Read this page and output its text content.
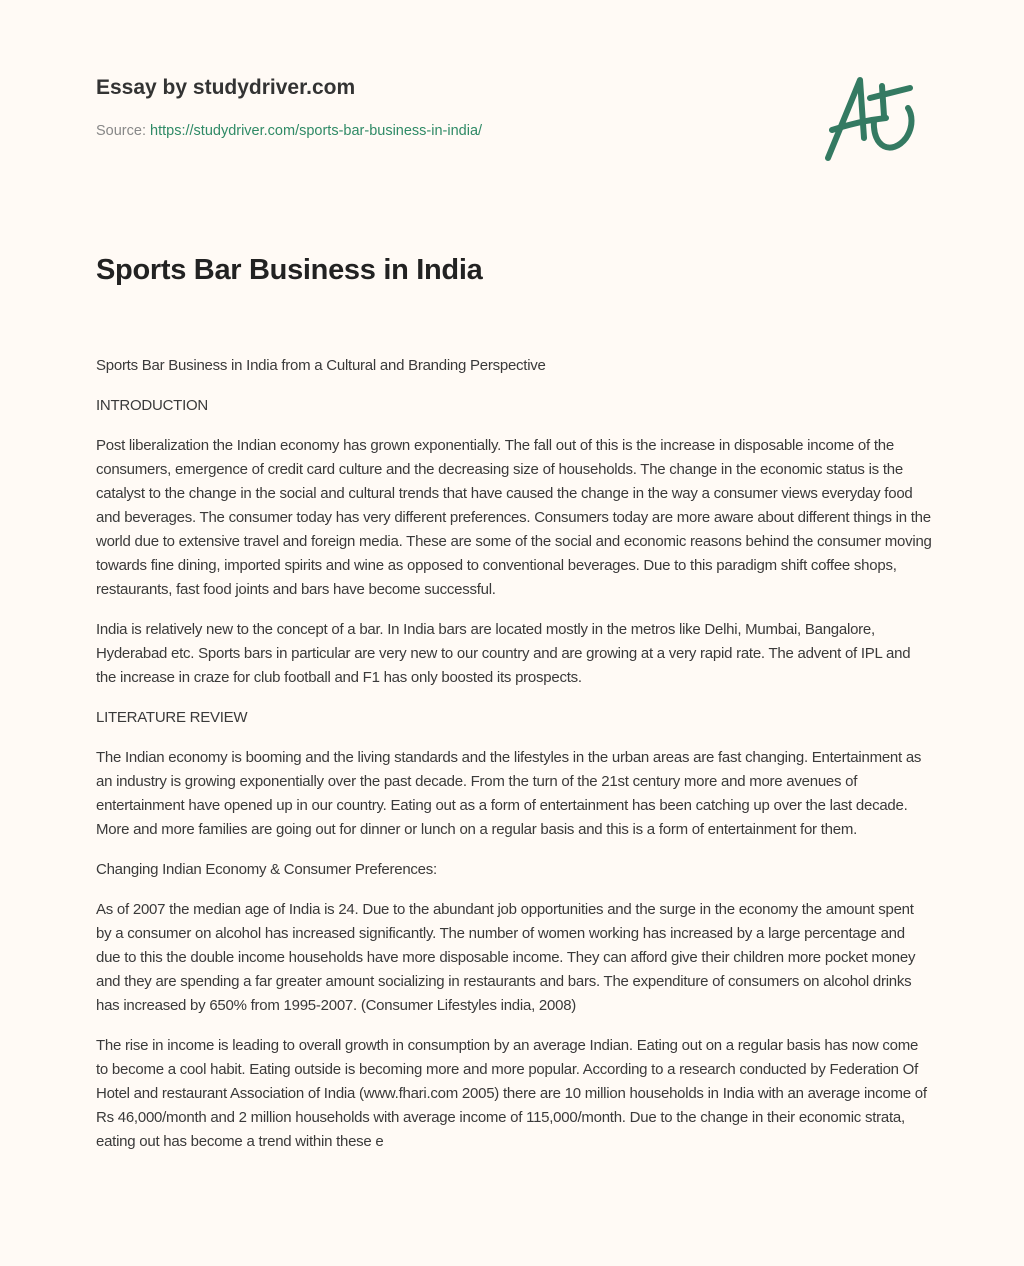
Essay by studydriver.com
Source: https://studydriver.com/sports-bar-business-in-india/
Sports Bar Business in India

Sports Bar Business in India from a Cultural and Branding Perspective

INTRODUCTION

Post liberalization the Indian economy has grown exponentially. The fall out of this is the increase in disposable income of the consumers, emergence of credit card culture and the decreasing size of households. The change in the economic status is the catalyst to the change in the social and cultural trends that have caused the change in the way a consumer views everyday food and beverages. The consumer today has very different preferences. Consumers today are more aware about different things in the world due to extensive travel and foreign media. These are some of the social and economic reasons behind the consumer moving towards fine dining, imported spirits and wine as opposed to conventional beverages. Due to this paradigm shift coffee shops, restaurants, fast food joints and bars have become successful.

India is relatively new to the concept of a bar. In India bars are located mostly in the metros like Delhi, Mumbai, Bangalore, Hyderabad etc. Sports bars in particular are very new to our country and are growing at a very rapid rate. The advent of IPL and the increase in craze for club football and F1 has only boosted its prospects.

LITERATURE REVIEW

The Indian economy is booming and the living standards and the lifestyles in the urban areas are fast changing. Entertainment as an industry is growing exponentially over the past decade. From the turn of the 21st century more and more avenues of entertainment have opened up in our country. Eating out as a form of entertainment has been catching up over the last decade. More and more families are going out for dinner or lunch on a regular basis and this is a form of entertainment for them.

Changing Indian Economy & Consumer Preferences:

As of 2007 the median age of India is 24. Due to the abundant job opportunities and the surge in the economy the amount spent by a consumer on alcohol has increased significantly. The number of women working has increased by a large percentage and due to this the double income households have more disposable income. They can afford give their children more pocket money and they are spending a far greater amount socializing in restaurants and bars. The expenditure of consumers on alcohol drinks has increased by 650% from 1995-2007. (Consumer Lifestyles india, 2008)

The rise in income is leading to overall growth in consumption by an average Indian. Eating out on a regular basis has now come to become a cool habit. Eating outside is becoming more and more popular. According to a research conducted by Federation Of Hotel and restaurant Association of India (www.fhari.com 2005) there are 10 million households in India with an average income of Rs 46,000/month and 2 million households with average income of 115,000/month. Due to the change in their economic strata, eating out has become a trend within these e
